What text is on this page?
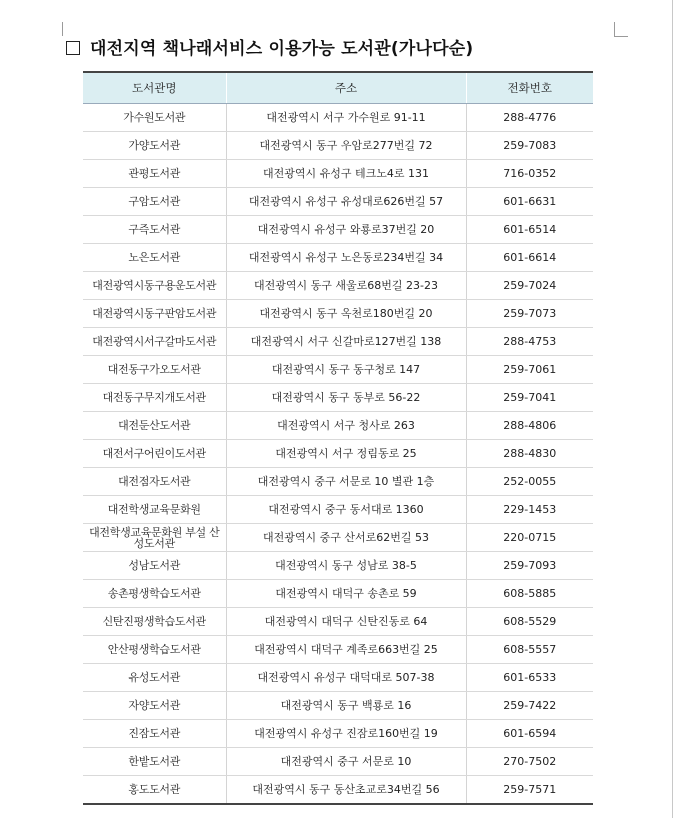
대전지역 책나래서비스 이용가능 도서관(가나다순)
도서관명	주소	전화번호
가수원도서관	대전광역시 서구 가수원로 91-11	288-4776
가양도서관	대전광역시 동구 우암로277번길 72	259-7083
관평도서관	대전광역시 유성구 테크노4로 131	716-0352
구암도서관	대전광역시 유성구 유성대로626번길 57	601-6631
구즉도서관	대전광역시 유성구 와룡로37번길 20	601-6514
노은도서관	대전광역시 유성구 노은동로234번길 34	601-6614
대전광역시동구용운도서관	대전광역시 동구 새울로68번길 23-23	259-7024
대전광역시동구판암도서관	대전광역시 동구 옥천로180번길 20	259-7073
대전광역시서구갈마도서관	대전광역시 서구 신갈마로127번길 138	288-4753
대전동구가오도서관	대전광역시 동구 동구청로 147	259-7061
대전동구무지개도서관	대전광역시 동구 동부로 56-22	259-7041
대전둔산도서관	대전광역시 서구 청사로 263	288-4806
대전서구어린이도서관	대전광역시 서구 정림동로 25	288-4830
대전점자도서관	대전광역시 중구 서문로 10 별관 1층	252-0055
대전학생교육문화원	대전광역시 중구 동서대로 1360	229-1453
대전학생교육문화원 부설 산성도서관	대전광역시 중구 산서로62번길 53	220-0715
성남도서관	대전광역시 동구 성남로 38-5	259-7093
송촌평생학습도서관	대전광역시 대덕구 송촌로 59	608-5885
신탄진평생학습도서관	대전광역시 대덕구 신탄진동로 64	608-5529
안산평생학습도서관	대전광역시 대덕구 계족로663번길 25	608-5557
유성도서관	대전광역시 유성구 대덕대로 507-38	601-6533
자양도서관	대전광역시 동구 백룡로 16	259-7422
진잠도서관	대전광역시 유성구 진잠로160번길 19	601-6594
한밭도서관	대전광역시 중구 서문로 10	270-7502
홍도도서관	대전광역시 동구 동산초교로34번길 56	259-7571
